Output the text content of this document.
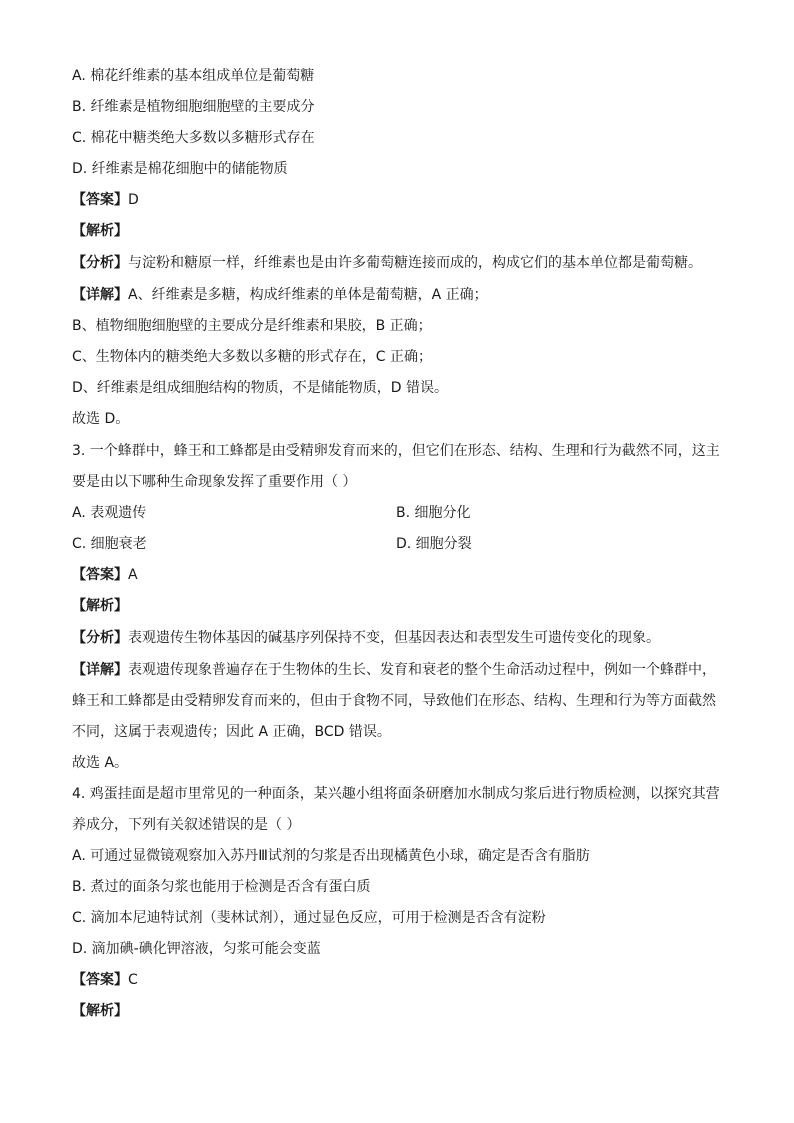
A. 棉花纤维素的基本组成单位是葡萄糖

B. 纤维素是植物细胞细胞壁的主要成分

C. 棉花中糖类绝大多数以多糖形式存在

D. 纤维素是棉花细胞中的储能物质

【答案】D

【解析】

【分析】与淀粉和糖原一样，纤维素也是由许多葡萄糖连接而成的，构成它们的基本单位都是葡萄糖。

【详解】A、纤维素是多糖，构成纤维素的单体是葡萄糖，A 正确；

B、植物细胞细胞壁的主要成分是纤维素和果胶，B 正确；

C、生物体内的糖类绝大多数以多糖的形式存在，C 正确；

D、纤维素是组成细胞结构的物质，不是储能物质，D 错误。

故选 D。

3. 一个蜂群中，蜂王和工蜂都是由受精卵发育而来的，但它们在形态、结构、生理和行为截然不同，这主

要是由以下哪种生命现象发挥了重要作用（ ）

A. 表观遗传	B. 细胞分化

C. 细胞衰老	D. 细胞分裂

【答案】A

【解析】

【分析】表观遗传生物体基因的碱基序列保持不变，但基因表达和表型发生可遗传变化的现象。

【详解】表观遗传现象普遍存在于生物体的生长、发育和衰老的整个生命活动过程中，例如一个蜂群中，

蜂王和工蜂都是由受精卵发育而来的，但由于食物不同，导致他们在形态、结构、生理和行为等方面截然

不同，这属于表观遗传；因此 A 正确，BCD 错误。

故选 A。

4. 鸡蛋挂面是超市里常见的一种面条，某兴趣小组将面条研磨加水制成匀浆后进行物质检测，以探究其营

养成分，下列有关叙述错误的是（ ）

A. 可通过显微镜观察加入苏丹Ⅲ试剂的匀浆是否出现橘黄色小球，确定是否含有脂肪

B. 煮过的面条匀浆也能用于检测是否含有蛋白质

C. 滴加本尼迪特试剂（斐林试剂），通过显色反应，可用于检测是否含有淀粉

D. 滴加碘-碘化钾溶液，匀浆可能会变蓝

【答案】C

【解析】
